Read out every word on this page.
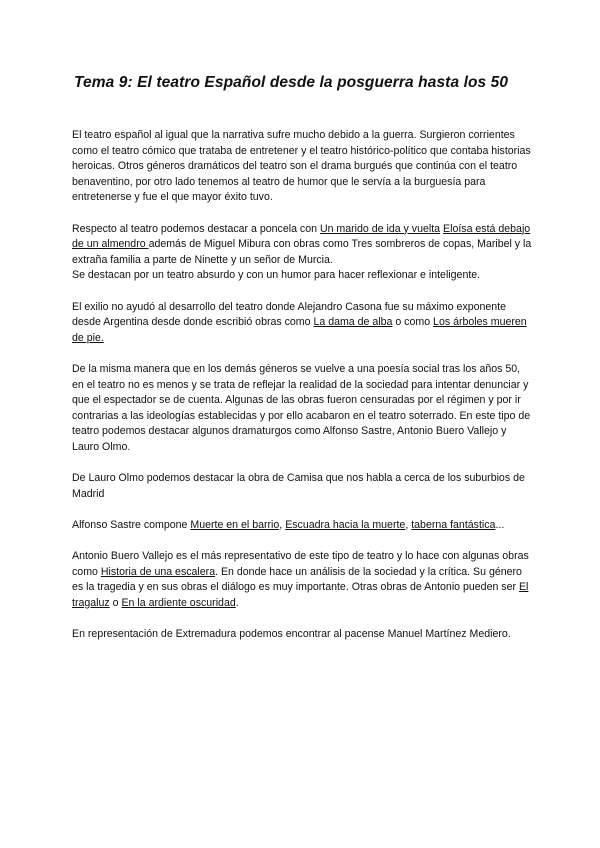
Tema 9: El teatro Español desde la posguerra hasta los 50

El teatro español al igual que la narrativa sufre mucho debido a la guerra. Surgieron corrientes como el teatro cómico que trataba de entretener y el teatro histórico-político que contaba historias heroicas. Otros géneros dramáticos del teatro son el drama burgués que continúa con el teatro benaventino, por otro lado tenemos al teatro de humor que le servía a la burguesía para entretenerse y fue el que mayor éxito tuvo.

Respecto al teatro podemos destacar a poncela con Un marido de ida y vuelta Eloísa está debajo de un almendro además de Miguel Mibura con obras como Tres sombreros de copas, Maribel y la extraña familia a parte de Ninette y un señor de Murcia.

Se destacan por un teatro absurdo y con un humor para hacer reflexionar e inteligente.

El exilio no ayudó al desarrollo del teatro donde Alejandro Casona fue su máximo exponente desde Argentina desde donde escribió obras como La dama de alba o como Los árboles mueren de pie.

De la misma manera que en los demás géneros se vuelve a una poesía social tras los años 50, en el teatro no es menos y se trata de reflejar la realidad de la sociedad para intentar denunciar y que el espectador se de cuenta. Algunas de las obras fueron censuradas por el régimen y por ir contrarias a las ideologías establecidas y por ello acabaron en el teatro soterrado. En este tipo de teatro podemos destacar algunos dramaturgos como Alfonso Sastre, Antonio Buero Vallejo y Lauro Olmo.

De Lauro Olmo podemos destacar la obra de Camisa que nos habla a cerca de los suburbios de Madrid

Alfonso Sastre compone Muerte en el barrio, Escuadra hacia la muerte, taberna fantástica...

Antonio Buero Vallejo es el más representativo de este tipo de teatro y lo hace con algunas obras como Historia de una escalera. En donde hace un análisis de la sociedad y la crítica. Su género es la tragedia y en sus obras el diálogo es muy importante. Otras obras de Antonio pueden ser El tragaluz o En la ardiente oscuridad.

En representación de Extremadura podemos encontrar al pacense Manuel Martínez Mediero.
